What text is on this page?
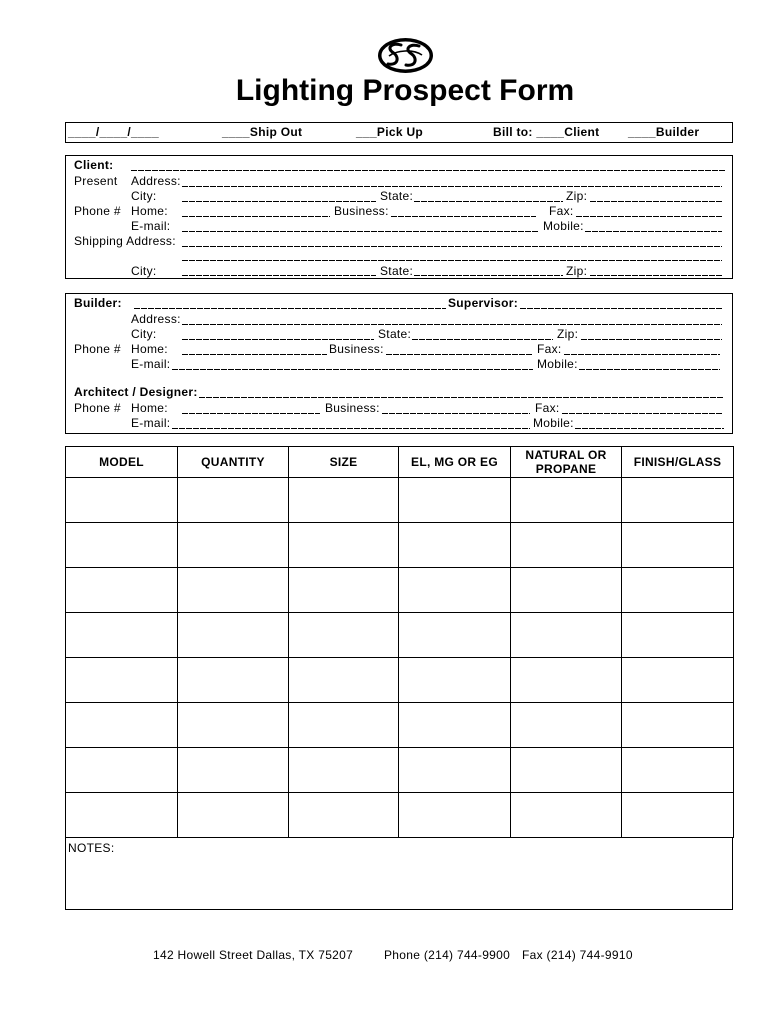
Lighting Prospect Form
____/____/____	____Ship Out	___Pick Up	Bill to: ____Client ____Builder
Client:
Present Address:
City:	State:	Zip:
Phone # Home:	Business:	Fax:
E-mail:	Mobile:
Shipping Address:
City:	State:	Zip:
Builder:	Supervisor:
Address:
City:	State:	Zip:
Phone # Home:	Business:	Fax:
E-mail:	Mobile:
Architect / Designer:
Phone # Home:	Business:	Fax:
E-mail:	Mobile:
MODEL	QUANTITY	SIZE	EL, MG OR EG	NATURAL OR PROPANE	FINISH/GLASS

NOTES:
142 Howell Street Dallas, TX 75207	Phone (214) 744-9900 Fax (214) 744-9910
